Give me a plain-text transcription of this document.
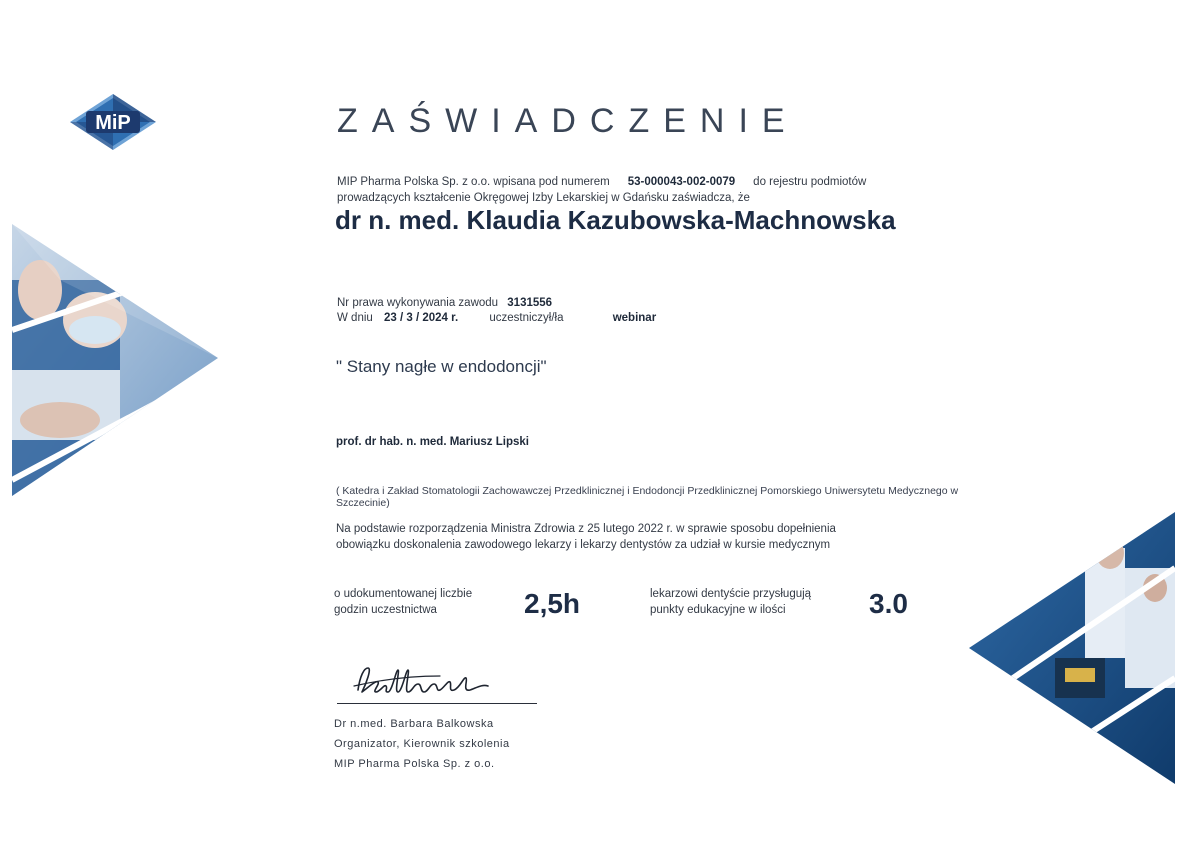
MiP	ZAŚWIADCZENIE
MIP Pharma Polska Sp. z o.o. wpisana pod numerem 53-000043-002-0079 do rejestru podmiotów
prowadzących kształcenie Okręgowej Izby Lekarskiej w Gdańsku zaświadcza, że
dr n. med. Klaudia Kazubowska-Machnowska
Nr prawa wykonywania zawodu 3131556
W dniu 23 / 3 / 2024 r.	uczestniczył/ła	webinar
" Stany nagłe w endodoncji"
prof. dr hab. n. med. Mariusz Lipski
( Katedra i Zakład Stomatologii Zachowawczej Przedklinicznej i Endodoncji Przedklinicznej Pomorskiego Uniwersytetu Medycznego w Szczecinie)
Na podstawie rozporządzenia Ministra Zdrowia z 25 lutego 2022 r. w sprawie sposobu dopełnienia
obowiązku doskonalenia zawodowego lekarzy i lekarzy dentystów za udział w kursie medycznym
o udokumentowanej liczbie
godzin uczestnictwa	2,5h	lekarzowi dentyście przysługują
punkty edukacyjne w ilości	3.0
Dr n.med. Barbara Balkowska
Organizator, Kierownik szkolenia
MIP Pharma Polska Sp. z o.o.
